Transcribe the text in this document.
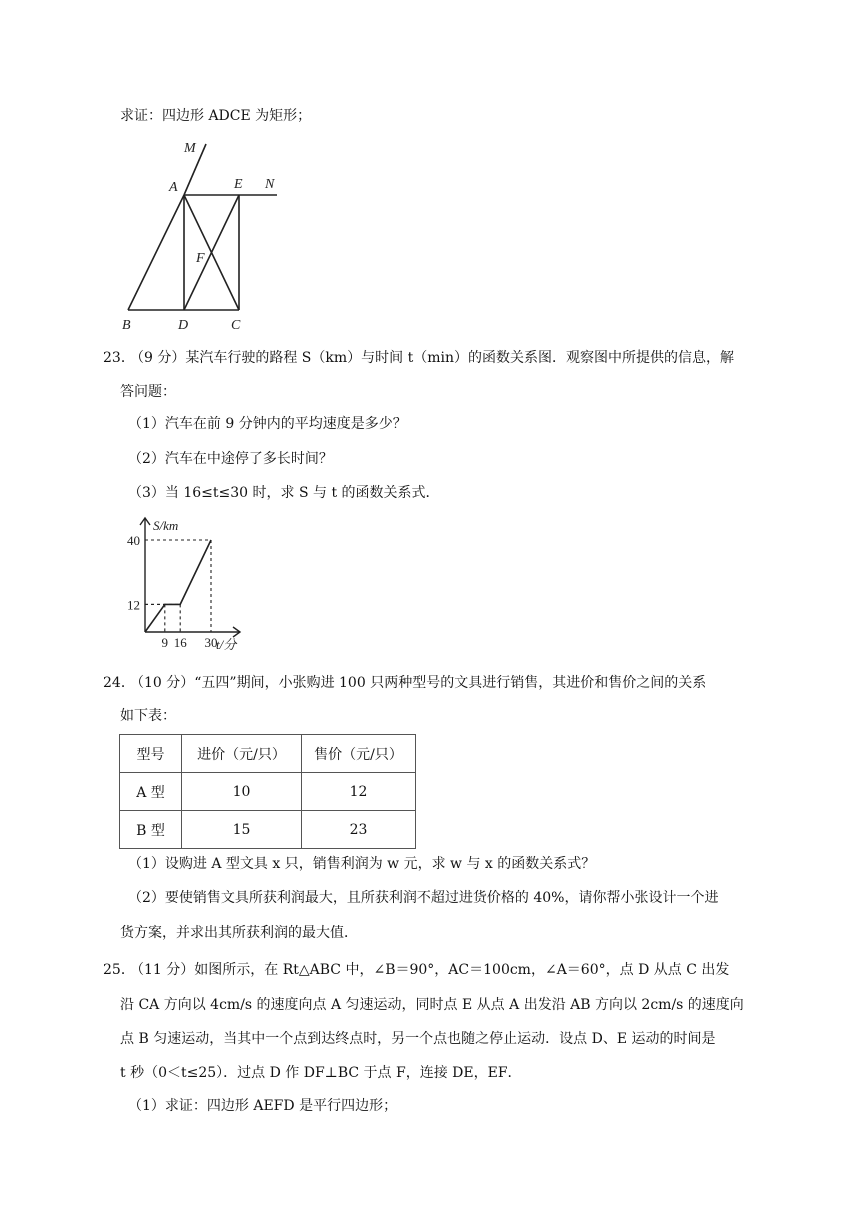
求证：四边形 ADCE 为矩形；
M
A	E N
F
B	D	C
23．
（9 分）某汽车行驶的路程 S（km）与时间 t（min）的函数关系图．观察图中所提供的信息，解
答问题：
（1）汽车在前 9 分钟内的平均速度是多少？
（2）汽车在中途停了多长时间？
（3）当 16≤t≤30 时，求 S 与 t 的函数关系式．
9 16 30
12
40
S/km
t/分
24．
（10 分）“五四”期间，小张购进 100 只两种型号的文具进行销售，其进价和售价之间的关系
如下表：
型号	进价（元/只）	售价（元/只）
A 型	10	12
B 型	15	23
（1）设购进 A 型文具 x 只，销售利润为 w 元，求 w 与 x 的函数关系式？
（2）要使销售文具所获利润最大，且所获利润不超过进货价格的 40%，请你帮小张设计一个进
货方案，并求出其所获利润的最大值．
25．
（11 分）如图所示，在 Rt△ABC 中，∠B＝90°，AC＝100cm，∠A＝60°，点 D 从点 C 出发
沿 CA 方向以 4cm/s 的速度向点 A 匀速运动，同时点 E 从点 A 出发沿 AB 方向以 2cm/s 的速度向
点 B 匀速运动，当其中一个点到达终点时，另一个点也随之停止运动．设点 D、E 运动的时间是
t 秒（0＜t≤25）．过点 D 作 DF⊥BC 于点 F，连接 DE，EF．
（1）求证：四边形 AEFD 是平行四边形；
